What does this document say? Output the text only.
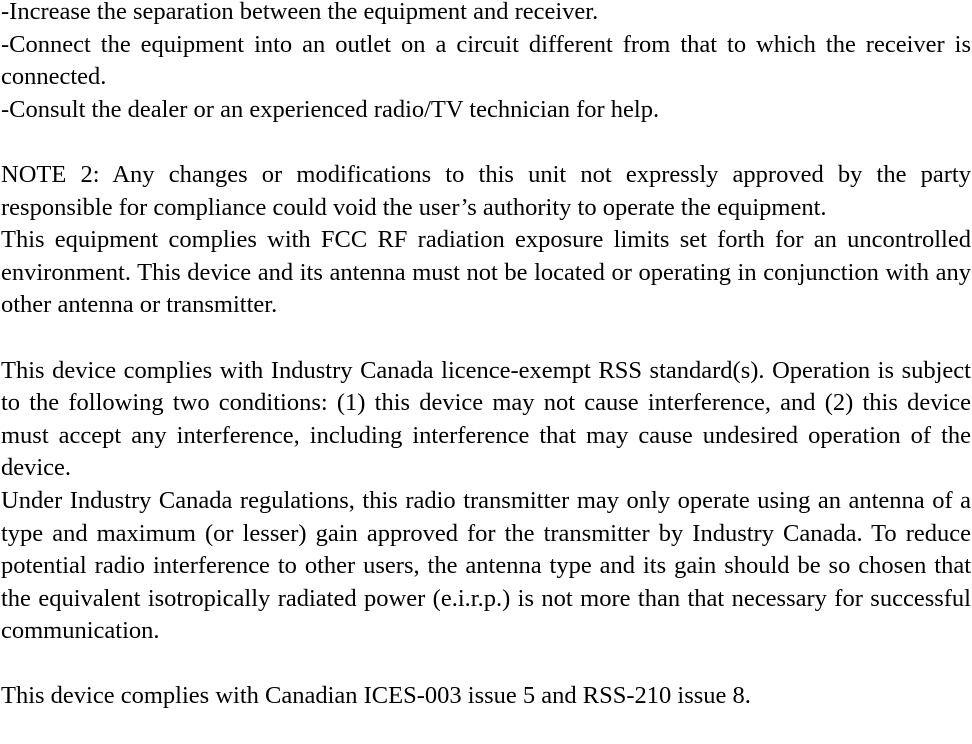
-Increase the separation between the equipment and receiver.

-Connect the equipment into an outlet on a circuit different from that to which the receiver is connected.

-Consult the dealer or an experienced radio/TV technician for help.

NOTE 2: Any changes or modifications to this unit not expressly approved by the party responsible for compliance could void the user’s authority to operate the equipment.

This equipment complies with FCC RF radiation exposure limits set forth for an uncontrolled environment. This device and its antenna must not be located or operating in conjunction with any other antenna or transmitter.

This device complies with Industry Canada licence-exempt RSS standard(s). Operation is subject to the following two conditions: (1) this device may not cause interference, and (2) this device must accept any interference, including interference that may cause undesired operation of the device.

Under Industry Canada regulations, this radio transmitter may only operate using an antenna of a type and maximum (or lesser) gain approved for the transmitter by Industry Canada. To reduce potential radio interference to other users, the antenna type and its gain should be so chosen that the equivalent isotropically radiated power (e.i.r.p.) is not more than that necessary for successful communication.

This device complies with Canadian ICES-003 issue 5 and RSS-210 issue 8.
